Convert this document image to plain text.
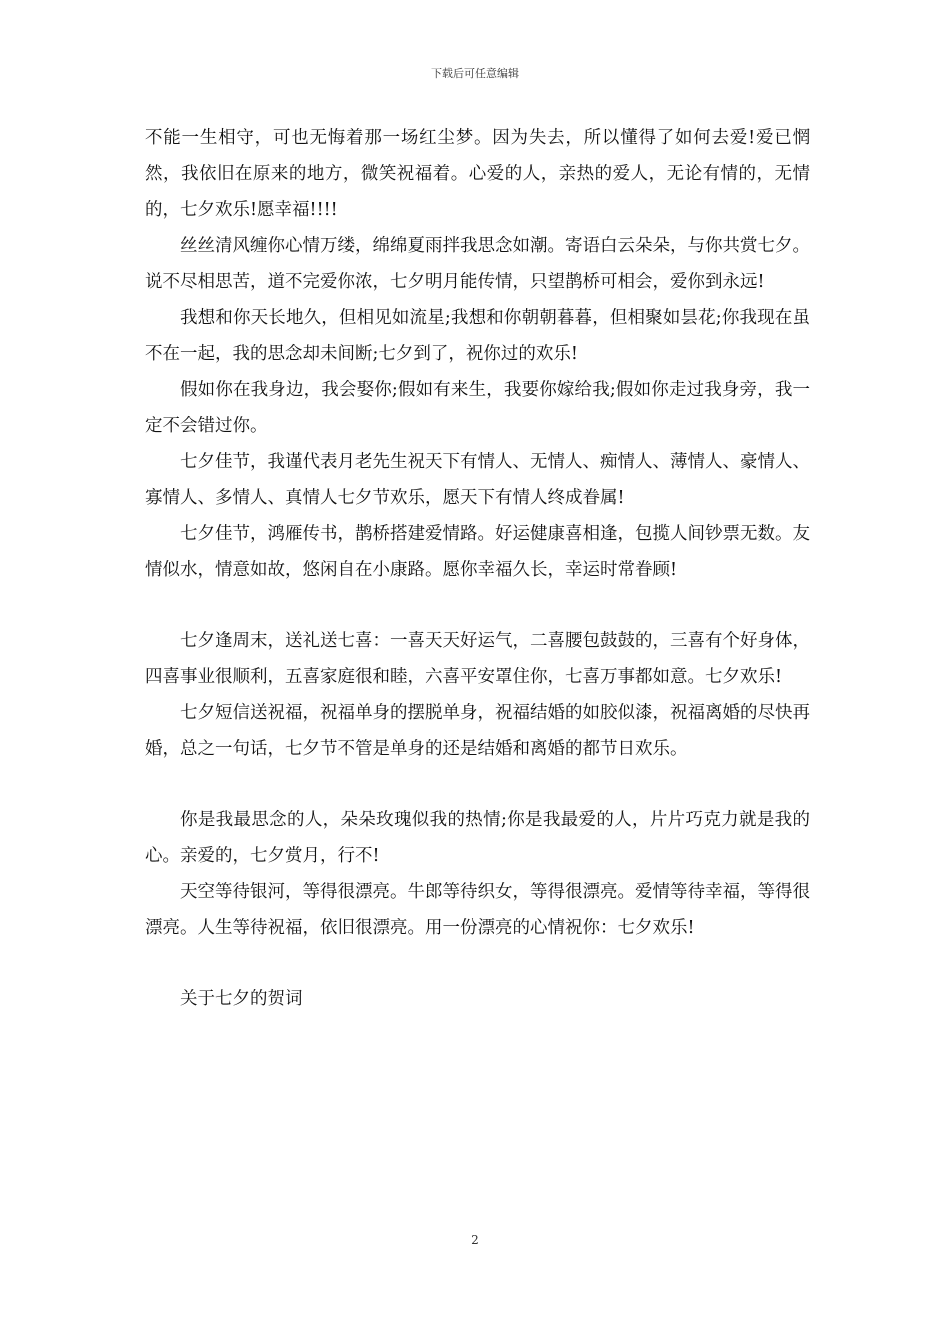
下载后可任意编辑

不能一生相守，可也无悔着那一场红尘梦。因为失去，所以懂得了如何去爱!爱已惘然，我依旧在原来的地方，微笑祝福着。心爱的人，亲热的爱人，无论有情的，无情的，七夕欢乐!愿幸福!!!!

丝丝清风缠你心情万缕，绵绵夏雨拌我思念如潮。寄语白云朵朵，与你共赏七夕。说不尽相思苦，道不完爱你浓，七夕明月能传情，只望鹊桥可相会，爱你到永远!

我想和你天长地久，但相见如流星;我想和你朝朝暮暮，但相聚如昙花;你我现在虽不在一起，我的思念却未间断;七夕到了，祝你过的欢乐!

假如你在我身边，我会娶你;假如有来生，我要你嫁给我;假如你走过我身旁，我一定不会错过你。

七夕佳节，我谨代表月老先生祝天下有情人、无情人、痴情人、薄情人、豪情人、寡情人、多情人、真情人七夕节欢乐，愿天下有情人终成眷属!

七夕佳节，鸿雁传书，鹊桥搭建爱情路。好运健康喜相逢，包揽人间钞票无数。友情似水，情意如故，悠闲自在小康路。愿你幸福久长，幸运时常眷顾!

七夕逢周末，送礼送七喜：一喜天天好运气，二喜腰包鼓鼓的，三喜有个好身体，四喜事业很顺利，五喜家庭很和睦，六喜平安罩住你，七喜万事都如意。七夕欢乐!

七夕短信送祝福，祝福单身的摆脱单身，祝福结婚的如胶似漆，祝福离婚的尽快再婚，总之一句话，七夕节不管是单身的还是结婚和离婚的都节日欢乐。

你是我最思念的人，朵朵玫瑰似我的热情;你是我最爱的人，片片巧克力就是我的心。亲爱的，七夕赏月，行不!

天空等待银河，等得很漂亮。牛郎等待织女，等得很漂亮。爱情等待幸福，等得很漂亮。人生等待祝福，依旧很漂亮。用一份漂亮的心情祝你：七夕欢乐!

关于七夕的贺词

2
